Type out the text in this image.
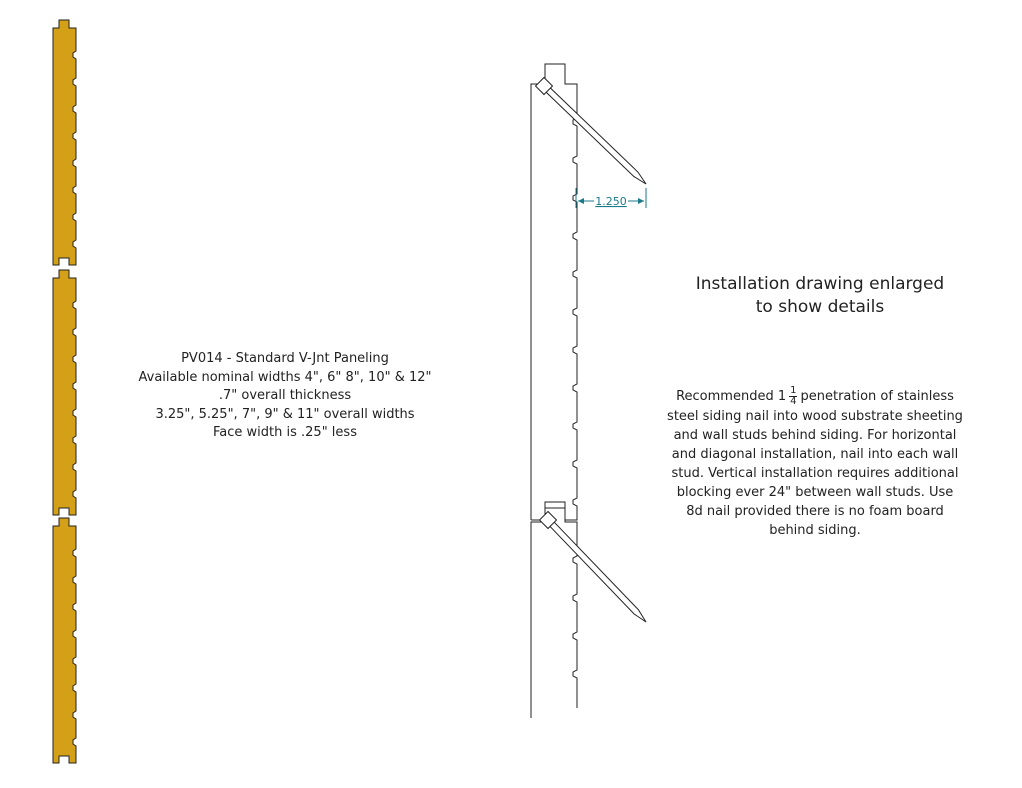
1.250
PV014 - Standard V-Jnt Paneling
Available nominal widths 4", 6" 8", 10" & 12"
.7" overall thickness
3.25", 5.25", 7", 9" & 11" overall widths
Face width is .25" less
Installation drawing enlarged
to show details
Recommended $1 \frac{1}{4}$ penetration of stainless
steel siding nail into wood substrate sheeting
and wall studs behind siding. For horizontal
and diagonal installation, nail into each wall
stud. Vertical installation requires additional
blocking ever 24" between wall studs. Use
8d nail provided there is no foam board
behind siding.
